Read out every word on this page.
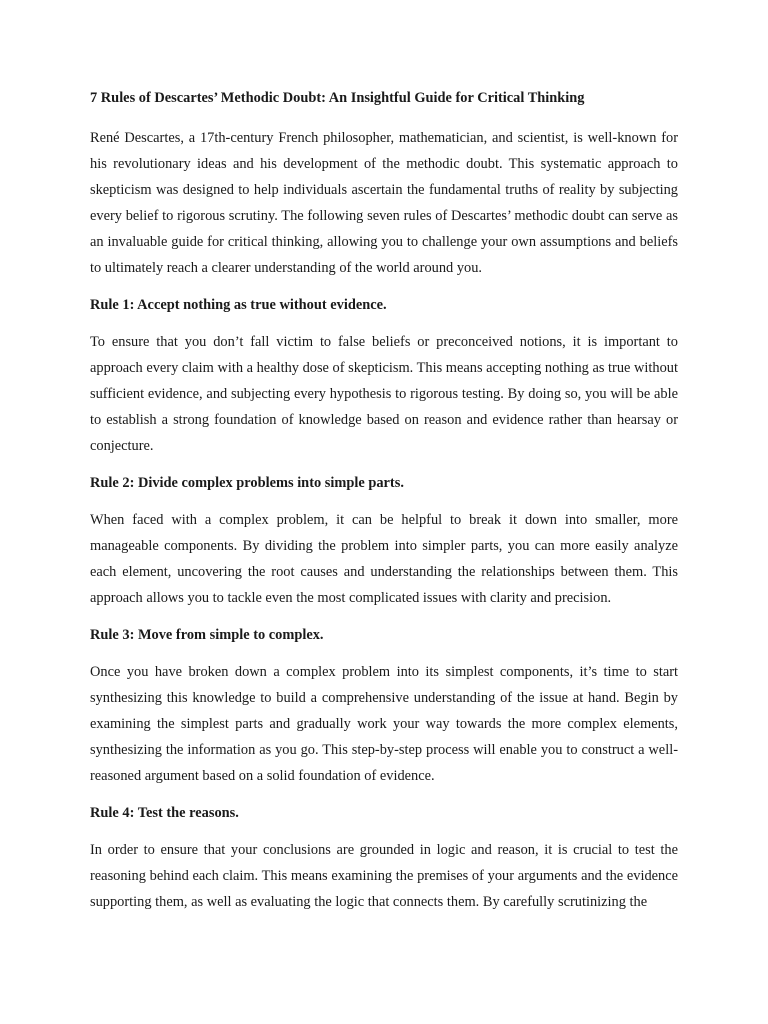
7 Rules of Descartes’ Methodic Doubt: An Insightful Guide for Critical Thinking

René Descartes, a 17th-century French philosopher, mathematician, and scientist, is well-known for his revolutionary ideas and his development of the methodic doubt. This systematic approach to skepticism was designed to help individuals ascertain the fundamental truths of reality by subjecting every belief to rigorous scrutiny. The following seven rules of Descartes’ methodic doubt can serve as an invaluable guide for critical thinking, allowing you to challenge your own assumptions and beliefs to ultimately reach a clearer understanding of the world around you.

Rule 1: Accept nothing as true without evidence.

To ensure that you don’t fall victim to false beliefs or preconceived notions, it is important to approach every claim with a healthy dose of skepticism. This means accepting nothing as true without sufficient evidence, and subjecting every hypothesis to rigorous testing. By doing so, you will be able to establish a strong foundation of knowledge based on reason and evidence rather than hearsay or conjecture.

Rule 2: Divide complex problems into simple parts.

When faced with a complex problem, it can be helpful to break it down into smaller, more manageable components. By dividing the problem into simpler parts, you can more easily analyze each element, uncovering the root causes and understanding the relationships between them. This approach allows you to tackle even the most complicated issues with clarity and precision.

Rule 3: Move from simple to complex.

Once you have broken down a complex problem into its simplest components, it’s time to start synthesizing this knowledge to build a comprehensive understanding of the issue at hand. Begin by examining the simplest parts and gradually work your way towards the more complex elements, synthesizing the information as you go. This step-by-step process will enable you to construct a well-reasoned argument based on a solid foundation of evidence.

Rule 4: Test the reasons.

In order to ensure that your conclusions are grounded in logic and reason, it is crucial to test the reasoning behind each claim. This means examining the premises of your arguments and the evidence supporting them, as well as evaluating the logic that connects them. By carefully scrutinizing the
